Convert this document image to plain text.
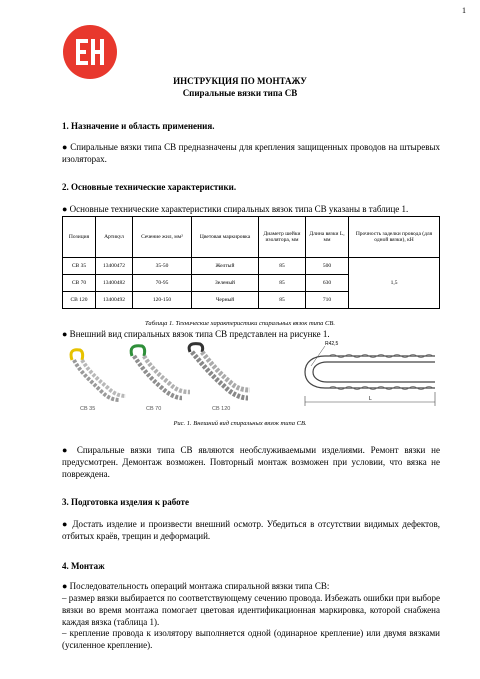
1
ИНСТРУКЦИЯ ПО МОНТАЖУ
Спиральные вязки типа СВ
1. Назначение и область применения.
● Спиральные вязки типа СВ предназначены для крепления защищенных проводов на штыревых изоляторах.
2. Основные технические характеристики.
● Основные технические характеристики спиральных вязок типа СВ указаны в таблице 1.
Позиция	Артикул	Сечение жил, мм²	Цветовая маркировка	Диаметр шейки изолятора, мм	Длина вязки L, мм	Прочность заделки провода (для одной вязки), кН
СВ 35	13400472	35-50	Желтый	85	500	1,5
СВ 70	13400482	70-95	Зеленый	85	630	
СВ 120	13400492	120-150	Черный	85	710	
Таблица 1. Технические характеристики спиральных вязок типа СВ.
● Внешний вид спиральных вязок типа СВ представлен на рисунке 1.
СВ 35	СВ 70	СВ 120
R42,5
L
Рис. 1. Внешний вид спиральных вязок типа СВ.
● Спиральные вязки типа СВ являются необслуживаемыми изделиями. Ремонт вязки не предусмотрен. Демонтаж возможен. Повторный монтаж возможен при условии, что вязка не повреждена.
3. Подготовка изделия к работе
● Достать изделие и произвести внешний осмотр. Убедиться в отсутствии видимых дефектов, отбитых краёв, трещин и деформаций.
4. Монтаж
● Последовательность операций монтажа спиральной вязки типа СВ:
– размер вязки выбирается по соответствующему сечению провода. Избежать ошибки при выборе вязки во время монтажа помогает цветовая идентификационная маркировка, которой снабжена каждая вязка (таблица 1).
– крепление провода к изолятору выполняется одной (одинарное крепление) или двумя вязками (усиленное крепление).
